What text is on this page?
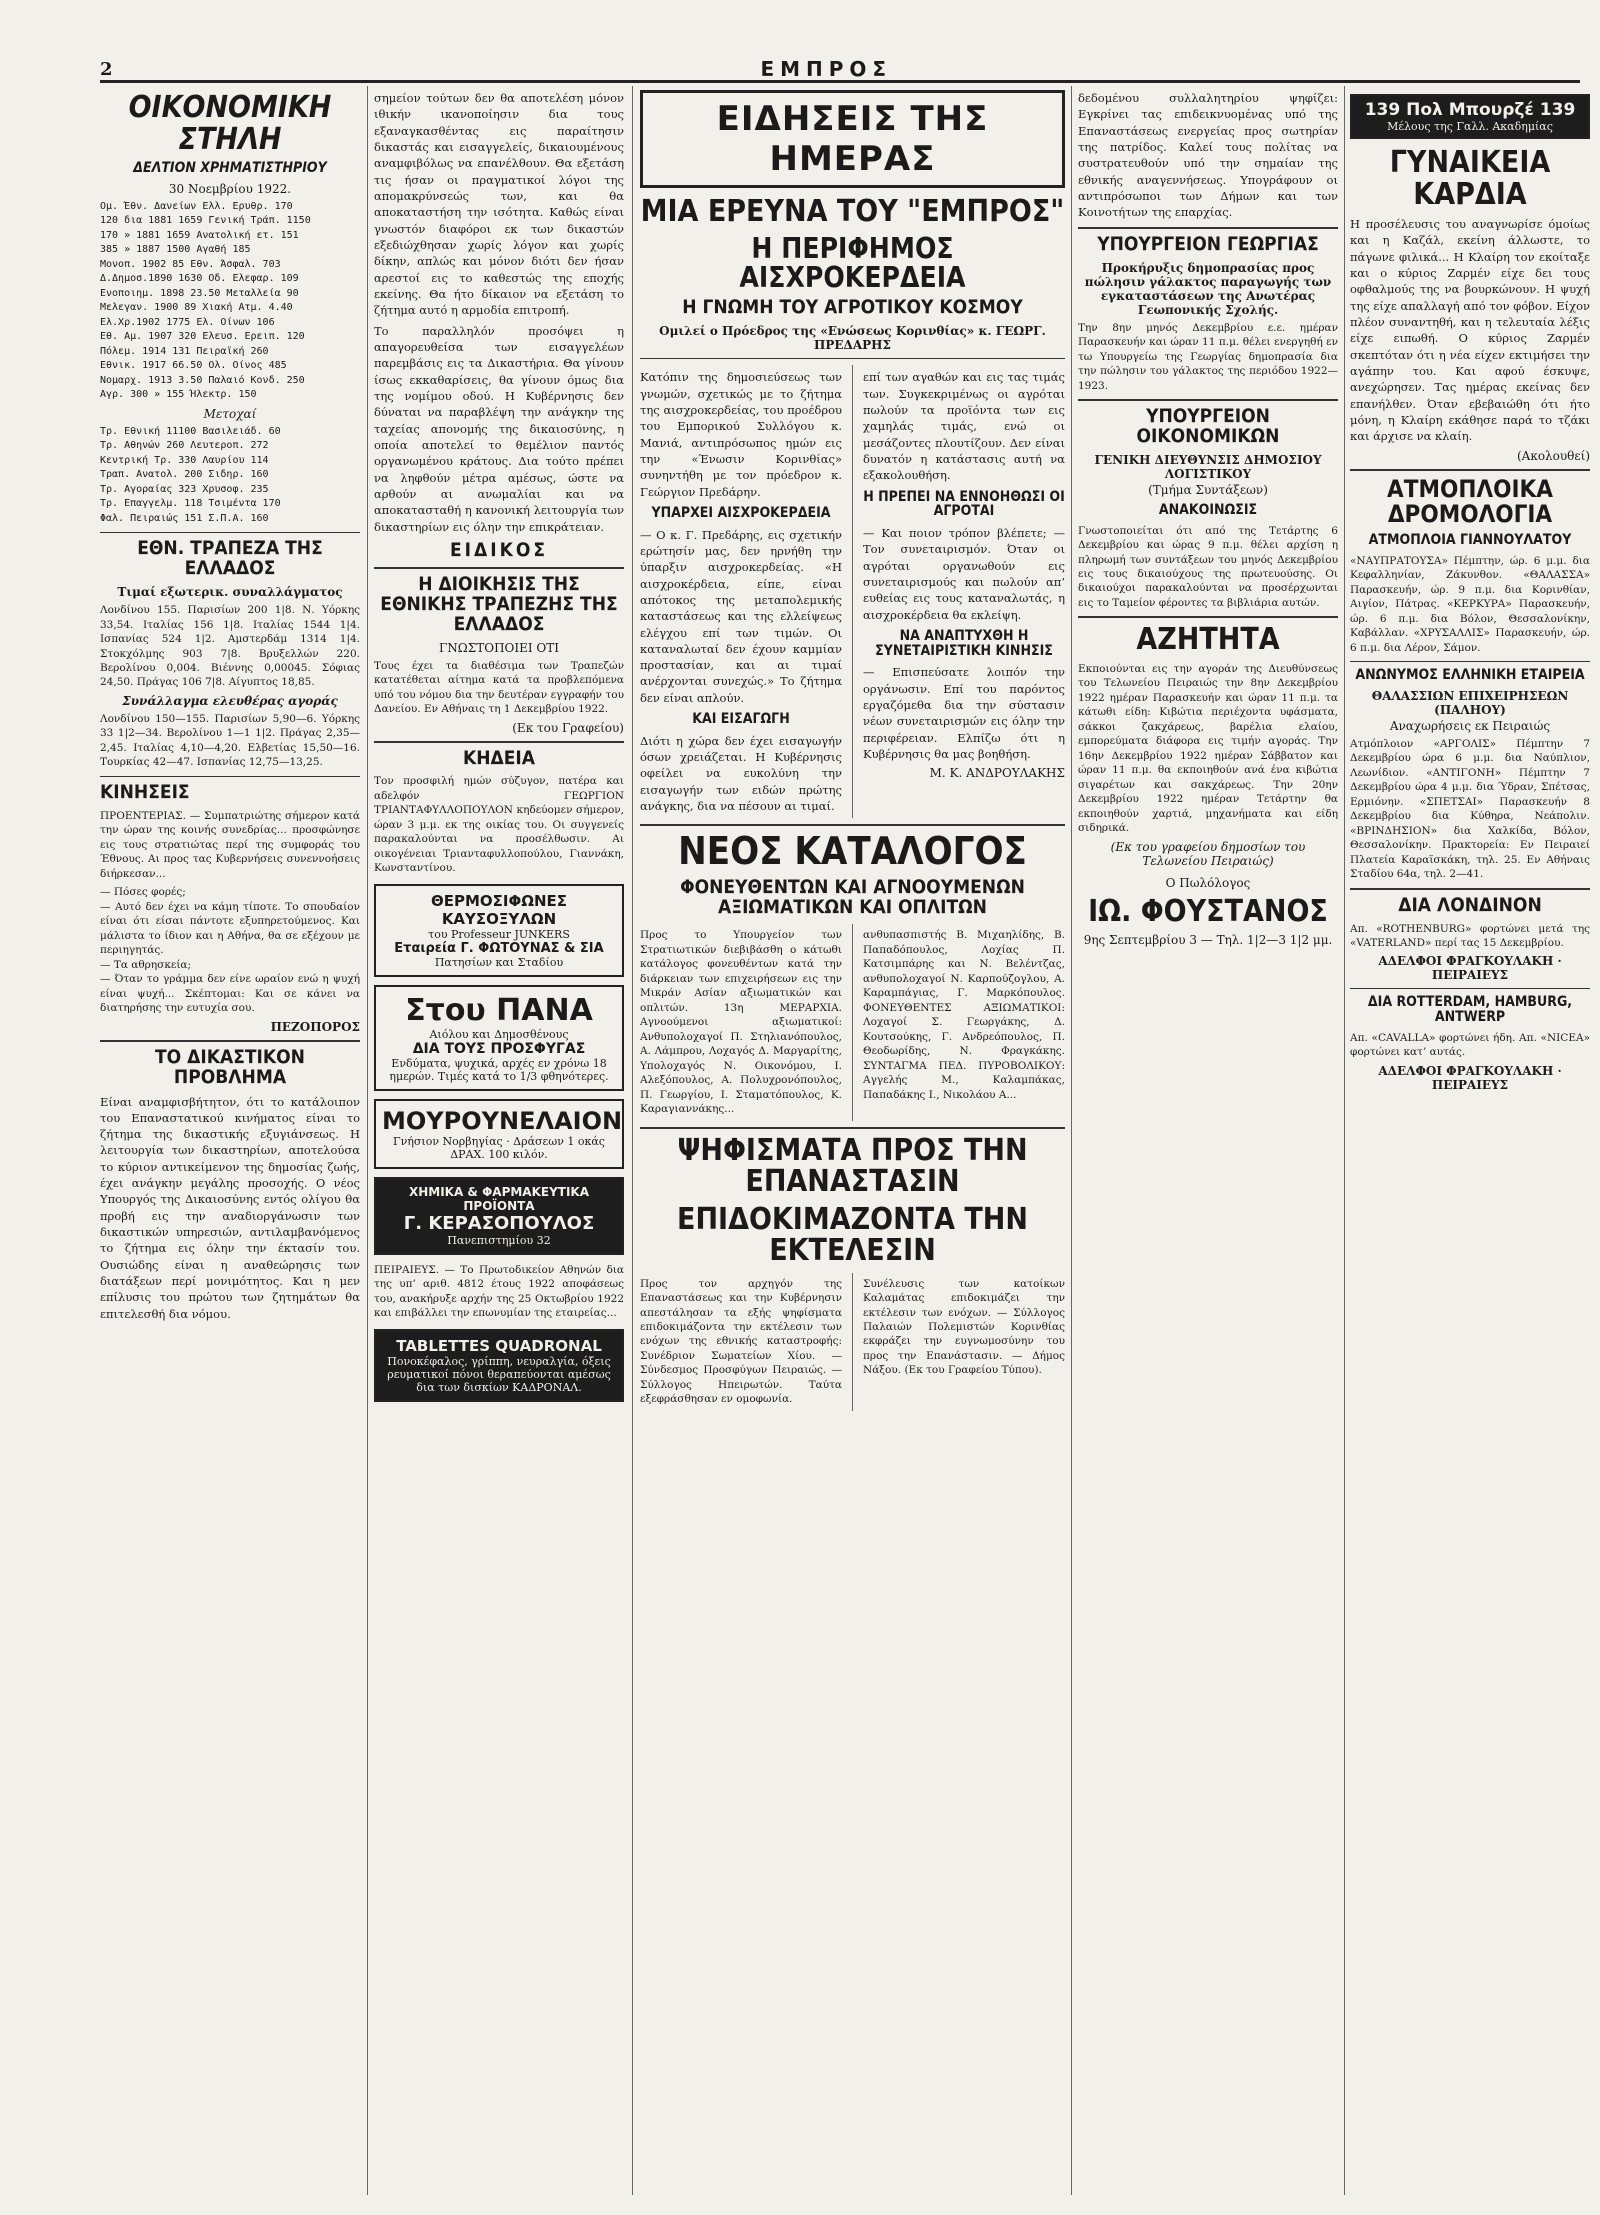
2	ΕΜΠΡΟΣ
ΟΙΚΟΝΟΜΙΚΗ ΣΤΗΛΗ
ΔΕΛΤΙΟΝ ΧΡΗΜΑΤΙΣΤΗΡΙΟΥ
30 Νοεμβρίου 1922.
Ομ. Έθν. Δανείων Ελλ. Ερυθρ. 170
120 δια 1881 1659 Γενική Τράπ. 1150
170 » 1881 1659 Ανατολική ετ. 151
385 » 1887 1500 Αγαθή 185
Μονοπ. 1902 85 Εθν. Άσφαλ. 703
Δ.Δημοσ.1890 1630 Οδ. Ελεφαρ. 109
Ενοποιημ. 1898 23.50 Μεταλλεία 90
Μελεγαν. 1900 89 Χιακή Ατμ. 4.40
Ελ.Χρ.1902 1775 Ελ. Οίνων 106
Εθ. Αμ. 1907 320 Ελευσ. Ερειπ. 120
Πόλεμ. 1914 131 Πειραϊκή 260
Εθνικ. 1917 66.50 Ολ. Οίνος 485
Νομαρχ. 1913 3.50 Παλαιό Κονδ. 250
Αγρ. 300 » 155 Ήλεκτρ. 150
Μετοχαί
Τρ. Εθνική 11100 Βασιλειάδ. 60
Τρ. Αθηνών 260 Λευτεροπ. 272
Κεντρική Τρ. 330 Λαυρίου 114
Τραπ. Ανατολ. 200 Σιδηρ. 160
Τρ. Αγοραίας 323 Χρυσοφ. 235
Τρ. Επαγγελμ. 118 Τσιμέντα 170
Φαλ. Πειραιώς 151 Σ.Π.Α. 160
ΕΘΝ. ΤΡΑΠΕΖΑ ΤΗΣ ΕΛΛΑΔΟΣ
Τιμαί εξωτερικ. συναλλάγματος
Λονδίνου 155. Παρισίων 200 1|8. Ν. Υόρκης 33,54. Ιταλίας 156 1|8. Ιταλίας 1544 1|4. Ισπανίας 524 1|2. Αμστερδάμ 1314 1|4. Στοκχόλμης 903 7|8. Βρυξελλών 220. Βερολίνου 0,004. Βιέννης 0,00045. Σόφιας 24,50. Πράγας 106 7|8. Αίγυπτος 18,85.
Συνάλλαγμα ελευθέρας αγοράς
Λονδίνου 150—155. Παρισίων 5,90—6. Υόρκης 33 1|2—34. Βερολίνου 1—1 1|2. Πράγας 2,35—2,45. Ιταλίας 4,10—4,20. Ελβετίας 15,50—16. Τουρκίας 42—47. Ισπανίας 12,75—13,25.
ΚΙΝΗΣΕΙΣ
ΠΡΟΕΝΤΕΡΙΑΣ. — Συμπατριώτης σήμερον κατά την ώραν της κοινής συνεδρίας... προσφώνησε εις τους στρατιώτας περί της συμφοράς του Έθνους. Αι προς τας Κυβερνήσεις συνεννοήσεις διήρκεσαν...
— Πόσες φορές;
— Αυτό δεν έχει να κάμη τίποτε. Το σπουδαίον είναι ότι είσαι πάντοτε εξυπηρετούμενος. Και μάλιστα το ίδιον και η Αθήνα, θα σε εξέχουν με περιηγητάς.
— Τα αθρησκεία;
— Όταν το γράμμα δεν είνε ωραίον ενώ η ψυχή είναι ψυχή... Σκέπτομαι: Και σε κάνει να διατηρήσης την ευτυχία σου.
ΠΕΖΟΠΟΡΟΣ
ΤΟ ΔΙΚΑΣΤΙΚΟΝ ΠΡΟΒΛΗΜΑ
Είναι αναμφισβήτητον, ότι το κατάλοιπον του Επαναστατικού κινήματος είναι το ζήτημα της δικαστικής εξυγιάνσεως. Η λειτουργία των δικαστηρίων, αποτελούσα το κύριον αντικείμενον της δημοσίας ζωής, έχει ανάγκην μεγάλης προσοχής. Ο νέος Υπουργός της Δικαιοσύνης εντός ολίγου θα προβή εις την αναδιοργάνωσιν των δικαστικών υπηρεσιών, αντιλαμβανόμενος το ζήτημα εις όλην την έκτασίν του. Ουσιώδης είναι η αναθεώρησις των διατάξεων περί μονιμότητος. Και η μεν επίλυσις του πρώτου των ζητημάτων θα επιτελεσθή δια νόμου.
σημείον τούτων δεν θα αποτελέση μόνον ιθικήν ικανοποίησιν δια τους εξαναγκασθέντας εις παραίτησιν δικαστάς και εισαγγελείς, δικαιουμένους αναμφιβόλως να επανέλθουν. Θα εξετάση τις ήσαν οι πραγματικοί λόγοι της απομακρύνσεώς των, και θα αποκαταστήση την ισότητα. Καθώς είναι γνωστόν διαφόροι εκ των δικαστών εξεδιώχθησαν χωρίς λόγον και χωρίς δίκην, απλώς και μόνον διότι δεν ήσαν αρεστοί εις το καθεστώς της εποχής εκείνης. Θα ήτο δίκαιον να εξετάση το ζήτημα αυτό η αρμοδία επιτροπή.
Το παραλληλόν προσόψει η απαγορευθείσα των εισαγγελέων παρεμβάσις εις τα Δικαστήρια. Θα γίνουν ίσως εκκαθαρίσεις, θα γίνουν όμως δια της νομίμου οδού. Η Κυβέρνησις δεν δύναται να παραβλέψη την ανάγκην της ταχείας απονομής της δικαιοσύνης, η οποία αποτελεί το θεμέλιον παντός οργανωμένου κράτους. Δια τούτο πρέπει να ληφθούν μέτρα αμέσως, ώστε να αρθούν αι ανωμαλίαι και να αποκατασταθή η κανονική λειτουργία των δικαστηρίων εις όλην την επικράτειαν.
ΕΙΔΙΚΟΣ
Η ΔΙΟΙΚΗΣΙΣ ΤΗΣ ΕΘΝΙΚΗΣ ΤΡΑΠΕΖΗΣ ΤΗΣ ΕΛΛΑΔΟΣ
ΓΝΩΣΤΟΠΟΙΕΙ ΟΤΙ
Τους έχει τα διαθέσιμα των Τραπεζών κατατέθεται αίτημα κατά τα προβλεπόμενα υπό του νόμου δια την δευτέραν εγγραφήν του Δανείου. Εν Αθήναις τη 1 Δεκεμβρίου 1922.
(Εκ του Γραφείου)
ΚΗΔΕΙΑ
Τον προσφιλή ημών σύζυγον, πατέρα και αδελφόν ΓΕΩΡΓΙΟΝ ΤΡΙΑΝΤΑΦΥΛΛΟΠΟΥΛΟΝ κηδεύομεν σήμερον, ώραν 3 μ.μ. εκ της οικίας του. Οι συγγενείς παρακαλούνται να προσέλθωσιν. Αι οικογένειαι Τριανταφυλλοπούλου, Γιαννάκη, Κωνσταντίνου.
ΘΕΡΜΟΣΙΦΩΝΕΣ ΚΑΥΣΟΞΥΛΩΝ
του Professeur JUNKERS
Εταιρεία Γ. ΦΩΤΟΥΝΑΣ & ΣΙΑ
Πατησίων και Σταδίου
Στου ΠΑΝΑ
Αιόλου και Δημοσθένους
ΔΙΑ ΤΟΥΣ ΠΡΟΣΦΥΓΑΣ
Ενδύματα, ψυχικά, αρχές εν χρόνω 18 ημερών. Τιμές κατά το 1/3 φθηνότερες.
ΜΟΥΡΟΥΝΕΛΑΙΟΝ
Γνήσιον Νορβηγίας · Δράσεων 1 οκάς ΔΡΑΧ. 100 κιλόν.
ΧΗΜΙΚΑ & ΦΑΡΜΑΚΕΥΤΙΚΑ ΠΡΟΪΟΝΤΑ
Γ. ΚΕΡΑΣΟΠΟΥΛΟΣ
Πανεπιστημίου 32
ΠΕΙΡΑΙΕΥΣ. — Το Πρωτοδικείον Αθηνών δια της υπ’ αριθ. 4812 έτους 1922 αποφάσεως του, ανακήρυξε αρχήν της 25 Οκτωβρίου 1922 και επιβάλλει την επωνυμίαν της εταιρείας...
TABLETTES QUADRONAL
Πονοκέφαλος, γρίππη, νευραλγία, όξεις ρευματικοί πόνοι θεραπεύονται αμέσως δια των δισκίων ΚΑΔΡΟΝΑΛ.
ΕΙΔΗΣΕΙΣ ΤΗΣ ΗΜΕΡΑΣ
ΜΙΑ ΕΡΕΥΝΑ ΤΟΥ "ΕΜΠΡΟΣ"
Η ΠΕΡΙΦΗΜΟΣ ΑΙΣΧΡΟΚΕΡΔΕΙΑ
Η ΓΝΩΜΗ ΤΟΥ ΑΓΡΟΤΙΚΟΥ ΚΟΣΜΟΥ
Ομιλεί ο Πρόεδρος της «Ενώσεως Κορινθίας» κ. ΓΕΩΡΓ. ΠΡΕΔΑΡΗΣ
Κατόπιν της δημοσιεύσεως των γνωμών, σχετικώς με το ζήτημα της αισχροκερδείας, του προέδρου του Εμπορικού Συλλόγου κ. Μανιά, αντιπρόσωπος ημών εις την «Ένωσιν Κορινθίας» συνηντήθη με τον πρόεδρον κ. Γεώργιον Πρεδάρην.
ΥΠΑΡΧΕΙ ΑΙΣΧΡΟΚΕΡΔΕΙΑ
— Ο κ. Γ. Πρεδάρης, εις σχετικήν ερώτησίν μας, δεν ηρνήθη την ύπαρξιν αισχροκερδείας. «Η αισχροκέρδεια, είπε, είναι απότοκος της μεταπολεμικής καταστάσεως και της ελλείψεως ελέγχου επί των τιμών. Οι καταναλωταί δεν έχουν καμμίαν προστασίαν, και αι τιμαί ανέρχονται συνεχώς.» Το ζήτημα δεν είναι απλούν.
ΚΑΙ ΕΙΣΑΓΩΓΗ
Διότι η χώρα δεν έχει εισαγωγήν όσων χρειάζεται. Η Κυβέρνησις οφείλει να ευκολύνη την εισαγωγήν των ειδών πρώτης ανάγκης, δια να πέσουν αι τιμαί.
επί των αγαθών και εις τας τιμάς των. Συγκεκριμένως οι αγρόται πωλούν τα προϊόντα των εις χαμηλάς τιμάς, ενώ οι μεσάζοντες πλουτίζουν. Δεν είναι δυνατόν η κατάστασις αυτή να εξακολουθήση.
Η ΠΡΕΠΕΙ ΝΑ ΕΝΝΟΗΘΩΣΙ ΟΙ ΑΓΡΟΤΑΙ
— Και ποιον τρόπον βλέπετε; — Τον συνεταιρισμόν. Όταν οι αγρόται οργανωθούν εις συνεταιρισμούς και πωλούν απ’ ευθείας εις τους καταναλωτάς, η αισχροκέρδεια θα εκλείψη.
ΝΑ ΑΝΑΠΤΥΧΘΗ Η ΣΥΝΕΤΑΙΡΙΣΤΙΚΗ ΚΙΝΗΣΙΣ
— Επισπεύσατε λοιπόν την οργάνωσιν. Επί του παρόντος εργαζόμεθα δια την σύστασιν νέων συνεταιρισμών εις όλην την περιφέρειαν. Ελπίζω ότι η Κυβέρνησις θα μας βοηθήση.
Μ. Κ. ΑΝΔΡΟΥΛΑΚΗΣ
ΝΕΟΣ ΚΑΤΑΛΟΓΟΣ
ΦΟΝΕΥΘΕΝΤΩΝ ΚΑΙ ΑΓΝΟΟΥΜΕΝΩΝ ΑΞΙΩΜΑΤΙΚΩΝ ΚΑΙ ΟΠΛΙΤΩΝ
Προς το Υπουργείον των Στρατιωτικών διεβιβάσθη ο κάτωθι κατάλογος φονευθέντων κατά την διάρκειαν των επιχειρήσεων εις την Μικράν Ασίαν αξιωματικών και οπλιτών. 13η ΜΕΡΑΡΧΙΑ. Αγνοούμενοι αξιωματικοί: Ανθυπολοχαγοί Π. Στηλιανόπουλος, Α. Λάμπρου, Λοχαγός Δ. Μαργαρίτης, Υπολοχαγός Ν. Οικονόμου, Ι. Αλεξόπουλος, Α. Πολυχρονόπουλος, Π. Γεωργίου, Ι. Σταματόπουλος, Κ. Καραγιαννάκης...
ανθυπασπιστής Β. Μιχαηλίδης, Β. Παπαδόπουλος, Λοχίας Π. Κατσιμπάρης και Ν. Βελέντζας, ανθυπολοχαγοί Ν. Καρπούζογλου, Α. Καραμπάγιας, Γ. Μαρκόπουλος. ΦΟΝΕΥΘΕΝΤΕΣ ΑΞΙΩΜΑΤΙΚΟΙ: Λοχαγοί Σ. Γεωργάκης, Δ. Κουτσούκης, Γ. Ανδρεόπουλος, Π. Θεοδωρίδης, Ν. Φραγκάκης. ΣΥΝΤΑΓΜΑ ΠΕΔ. ΠΥΡΟΒΟΛΙΚΟΥ: Αγγελής Μ., Καλαμπάκας, Παπαδάκης Ι., Νικολάου Α...
ΨΗΦΙΣΜΑΤΑ ΠΡΟΣ ΤΗΝ ΕΠΑΝΑΣΤΑΣΙΝ
ΕΠΙΔΟΚΙΜΑΖΟΝΤΑ ΤΗΝ ΕΚΤΕΛΕΣΙΝ
Προς τον αρχηγόν της Επαναστάσεως και την Κυβέρνησιν απεστάλησαν τα εξής ψηφίσματα επιδοκιμάζοντα την εκτέλεσιν των ενόχων της εθνικής καταστροφής: Συνέδριον Σωματείων Χίου. — Σύνδεσμος Προσφύγων Πειραιώς. — Σύλλογος Ηπειρωτών. Ταύτα εξεφράσθησαν εν ομοφωνία.
Συνέλευσις των κατοίκων Καλαμάτας επιδοκιμάζει την εκτέλεσιν των ενόχων. — Σύλλογος Παλαιών Πολεμιστών Κορινθίας εκφράζει την ευγνωμοσύνην του προς την Επανάστασιν. — Δήμος Νάξου. (Εκ του Γραφείου Τύπου).
δεδομένου συλλαλητηρίου ψηφίζει: Εγκρίνει τας επιδεικνυομένας υπό της Επαναστάσεως ενεργείας προς σωτηρίαν της πατρίδος. Καλεί τους πολίτας να συστρατευθούν υπό την σημαίαν της εθνικής αναγεννήσεως. Υπογράφουν οι αντιπρόσωποι των Δήμων και των Κοινοτήτων της επαρχίας.
ΥΠΟΥΡΓΕΙΟΝ ΓΕΩΡΓΙΑΣ
Προκήρυξις δημοπρασίας προς πώλησιν γάλακτος παραγωγής των εγκαταστάσεων της Ανωτέρας Γεωπονικής Σχολής.
Την 8ην μηνός Δεκεμβρίου ε.ε. ημέραν Παρασκευήν και ώραν 11 π.μ. θέλει ενεργηθή εν τω Υπουργείω της Γεωργίας δημοπρασία δια την πώλησιν του γάλακτος της περιόδου 1922—1923.
ΥΠΟΥΡΓΕΙΟΝ ΟΙΚΟΝΟΜΙΚΩΝ
ΓΕΝΙΚΗ ΔΙΕΥΘΥΝΣΙΣ ΔΗΜΟΣΙΟΥ ΛΟΓΙΣΤΙΚΟΥ
(Τμήμα Συντάξεων)
ΑΝΑΚΟΙΝΩΣΙΣ
Γνωστοποιείται ότι από της Τετάρτης 6 Δεκεμβρίου και ώρας 9 π.μ. θέλει αρχίση η πληρωμή των συντάξεων του μηνός Δεκεμβρίου εις τους δικαιούχους της πρωτευούσης. Οι δικαιούχοι παρακαλούνται να προσέρχωνται εις το Ταμείον φέροντες τα βιβλιάρια αυτών.
ΑΖΗΤΗΤΑ
Εκποιούνται εις την αγοράν της Διευθύνσεως του Τελωνείου Πειραιώς την 8ην Δεκεμβρίου 1922 ημέραν Παρασκευήν και ώραν 11 π.μ. τα κάτωθι είδη: Κιβώτια περιέχοντα υφάσματα, σάκκοι ζακχάρεως, βαρέλια ελαίου, εμπορεύματα διάφορα εις τιμήν αγοράς. Την 16ην Δεκεμβρίου 1922 ημέραν Σάββατον και ώραν 11 π.μ. θα εκποιηθούν ανά ένα κιβώτια σιγαρέτων και σακχάρεως. Την 20ην Δεκεμβρίου 1922 ημέραν Τετάρτην θα εκποιηθούν χαρτιά, μηχανήματα και είδη σιδηρικά.
(Εκ του γραφείου δημοσίων του Τελωνείου Πειραιώς)
Ο Πωλόλογος
ΙΩ. ΦΟΥΣΤΑΝΟΣ
9ης Σεπτεμβρίου 3 — Τηλ. 1|2—3 1|2 μμ.
139 Πολ Μπουρζέ 139
Μέλους της Γαλλ. Ακαδημίας
ΓΥΝΑΙΚΕΙΑ ΚΑΡΔΙΑ
Η προσέλευσις του αναγνωρίσε όμοίως και η Καζάλ, εκείνη άλλωστε, το πάγωνε φιλικά... Η Κλαίρη τον εκοίταξε και ο κύριος Ζαρμέν είχε δει τους οφθαλμούς της να βουρκώνουν. Η ψυχή της είχε απαλλαγή από τον φόβον. Είχον πλέον συναντηθή, και η τελευταία λέξις είχε ειπωθή. Ο κύριος Ζαρμέν σκεπτόταν ότι η νέα είχεν εκτιμήσει την αγάπην του. Και αφού έσκυψε, ανεχώρησεν. Τας ημέρας εκείνας δεν επανήλθεν. Όταν εβεβαιώθη ότι ήτο μόνη, η Κλαίρη εκάθησε παρά το τζάκι και άρχισε να κλαίη.
(Ακολουθεί)
ΑΤΜΟΠΛΟΙΚΑ ΔΡΟΜΟΛΟΓΙΑ
ΑΤΜΟΠΛΟΙΑ ΓΙΑΝΝΟΥΛΑΤΟΥ
«ΝΑΥΠΡΑΤΟΥΣΑ» Πέμπτην, ώρ. 6 μ.μ. δια Κεφαλληνίαν, Ζάκυνθον. «ΘΑΛΑΣΣΑ» Παρασκευήν, ώρ. 9 π.μ. δια Κορινθίαν, Αιγίον, Πάτρας. «ΚΕΡΚΥΡΑ» Παρασκευήν, ώρ. 6 π.μ. δια Βόλον, Θεσσαλονίκην, Καβάλλαν. «ΧΡΥΣΑΛΛΙΣ» Παρασκευήν, ώρ. 6 π.μ. δια Λέρον, Σάμον.
ΑΝΩΝΥΜΟΣ ΕΛΛΗΝΙΚΗ ΕΤΑΙΡΕΙΑ
ΘΑΛΑΣΣΙΩΝ ΕΠΙΧΕΙΡΗΣΕΩΝ (ΠΑΛΗΟΥ)
Αναχωρήσεις εκ Πειραιώς
Ατμόπλοιον «ΑΡΓΟΛΙΣ» Πέμπτην 7 Δεκεμβρίου ώρα 6 μ.μ. δια Ναύπλιον, Λεωνίδιον. «ΑΝΤΙΓΟΝΗ» Πέμπτην 7 Δεκεμβρίου ώρα 4 μ.μ. δια Ύδραν, Σπέτσας, Ερμιόνην. «ΣΠΕΤΣΑΙ» Παρασκευήν 8 Δεκεμβρίου δια Κύθηρα, Νεάπολιν. «ΒΡΙΝΔΗΣΙΟΝ» δια Χαλκίδα, Βόλον, Θεσσαλονίκην. Πρακτορεία: Εν Πειραιεί Πλατεία Καραϊσκάκη, τηλ. 25. Εν Αθήναις Σταδίου 64α, τηλ. 2—41.
ΔΙΑ ΛΟΝΔΙΝΟΝ
Απ. «ROTHENBURG» φορτώνει μετά της «VATERLAND» περί τας 15 Δεκεμβρίου.
ΑΔΕΛΦΟΙ ΦΡΑΓΚΟΥΛΑΚΗ · ΠΕΙΡΑΙΕΥΣ
ΔΙΑ ROTTERDAM, HAMBURG, ANTWERP
Απ. «CAVALLA» φορτώνει ήδη. Απ. «NICEA» φορτώνει κατ’ αυτάς.
ΑΔΕΛΦΟΙ ΦΡΑΓΚΟΥΛΑΚΗ · ΠΕΙΡΑΙΕΥΣ
